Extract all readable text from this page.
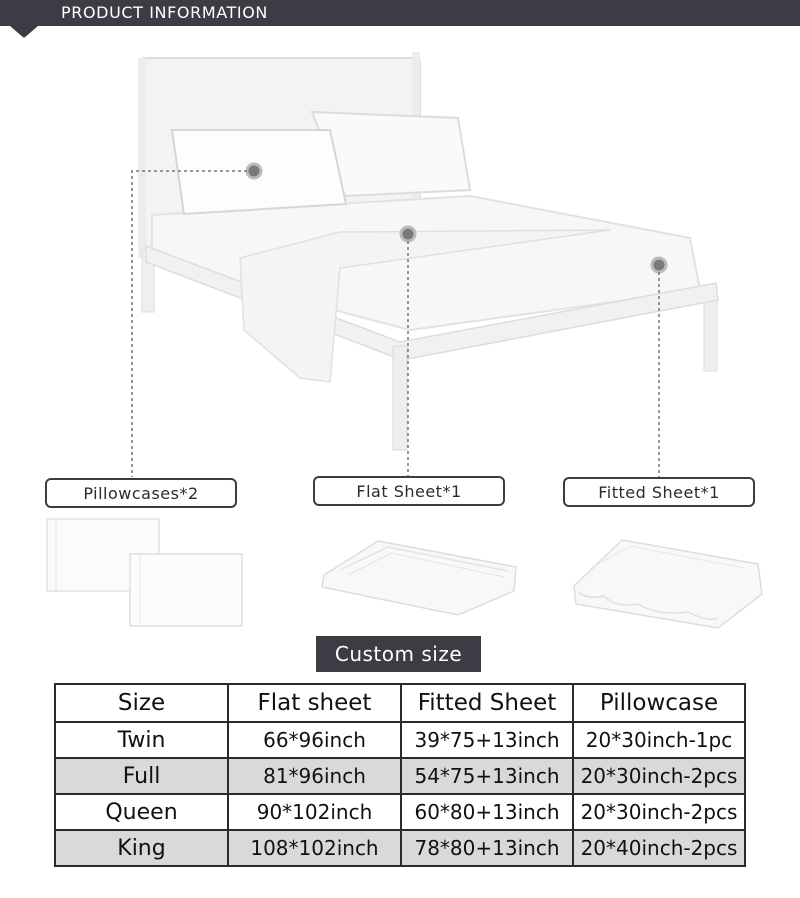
PRODUCT INFORMATION
Pillowcases*2	Flat Sheet*1	Fitted Sheet*1
Custom size
Size	Flat sheet	Fitted Sheet	Pillowcase
Twin	66*96inch	39*75+13inch	20*30inch-1pc
Full	81*96inch	54*75+13inch	20*30inch-2pcs
Queen	90*102inch	60*80+13inch	20*30inch-2pcs
King	108*102inch	78*80+13inch	20*40inch-2pcs
